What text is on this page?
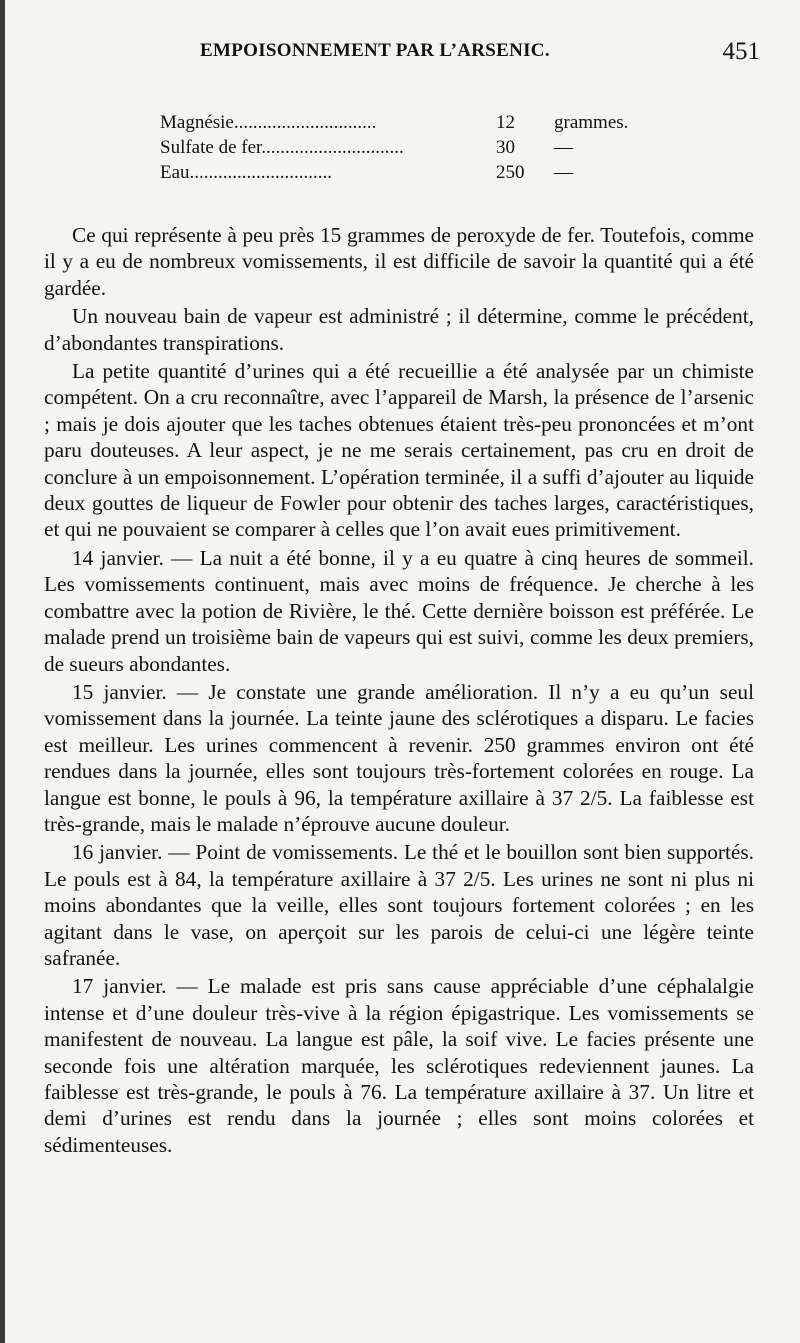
EMPOISONNEMENT PAR L’ARSENIC.	451
Magnésie..............................	12	grammes.
Sulfate de fer..............................	30	—
Eau..............................	250	—

Ce qui représente à peu près 15 grammes de peroxyde de fer. Toutefois, comme il y a eu de nombreux vomissements, il est difficile de savoir la quantité qui a été gardée.

Un nouveau bain de vapeur est administré ; il détermine, comme le précédent, d’abondantes transpirations.

La petite quantité d’urines qui a été recueillie a été analysée par un chimiste compétent. On a cru reconnaître, avec l’appareil de Marsh, la présence de l’arsenic ; mais je dois ajouter que les taches obtenues étaient très-peu prononcées et m’ont paru douteuses. A leur aspect, je ne me serais certainement, pas cru en droit de conclure à un empoisonnement. L’opération terminée, il a suffi d’ajouter au liquide deux gouttes de liqueur de Fowler pour obtenir des taches larges, caractéristiques, et qui ne pouvaient se comparer à celles que l’on avait eues primitivement.

14 janvier. — La nuit a été bonne, il y a eu quatre à cinq heures de sommeil. Les vomissements continuent, mais avec moins de fréquence. Je cherche à les combattre avec la potion de Rivière, le thé. Cette dernière boisson est préférée. Le malade prend un troisième bain de vapeurs qui est suivi, comme les deux premiers, de sueurs abondantes.

15 janvier. — Je constate une grande amélioration. Il n’y a eu qu’un seul vomissement dans la journée. La teinte jaune des sclérotiques a disparu. Le facies est meilleur. Les urines commencent à revenir. 250 grammes environ ont été rendues dans la journée, elles sont toujours très-fortement colorées en rouge. La langue est bonne, le pouls à 96, la température axillaire à 37 2/5. La faiblesse est très-grande, mais le malade n’éprouve aucune douleur.

16 janvier. — Point de vomissements. Le thé et le bouillon sont bien supportés. Le pouls est à 84, la température axillaire à 37 2/5. Les urines ne sont ni plus ni moins abondantes que la veille, elles sont toujours fortement colorées ; en les agitant dans le vase, on aperçoit sur les parois de celui-ci une légère teinte safranée.

17 janvier. — Le malade est pris sans cause appréciable d’une céphalalgie intense et d’une douleur très-vive à la région épigastrique. Les vomissements se manifestent de nouveau. La langue est pâle, la soif vive. Le facies présente une seconde fois une altération marquée, les sclérotiques redeviennent jaunes. La faiblesse est très-grande, le pouls à 76. La température axillaire à 37. Un litre et demi d’urines est rendu dans la journée ; elles sont moins colorées et sédimenteuses.
